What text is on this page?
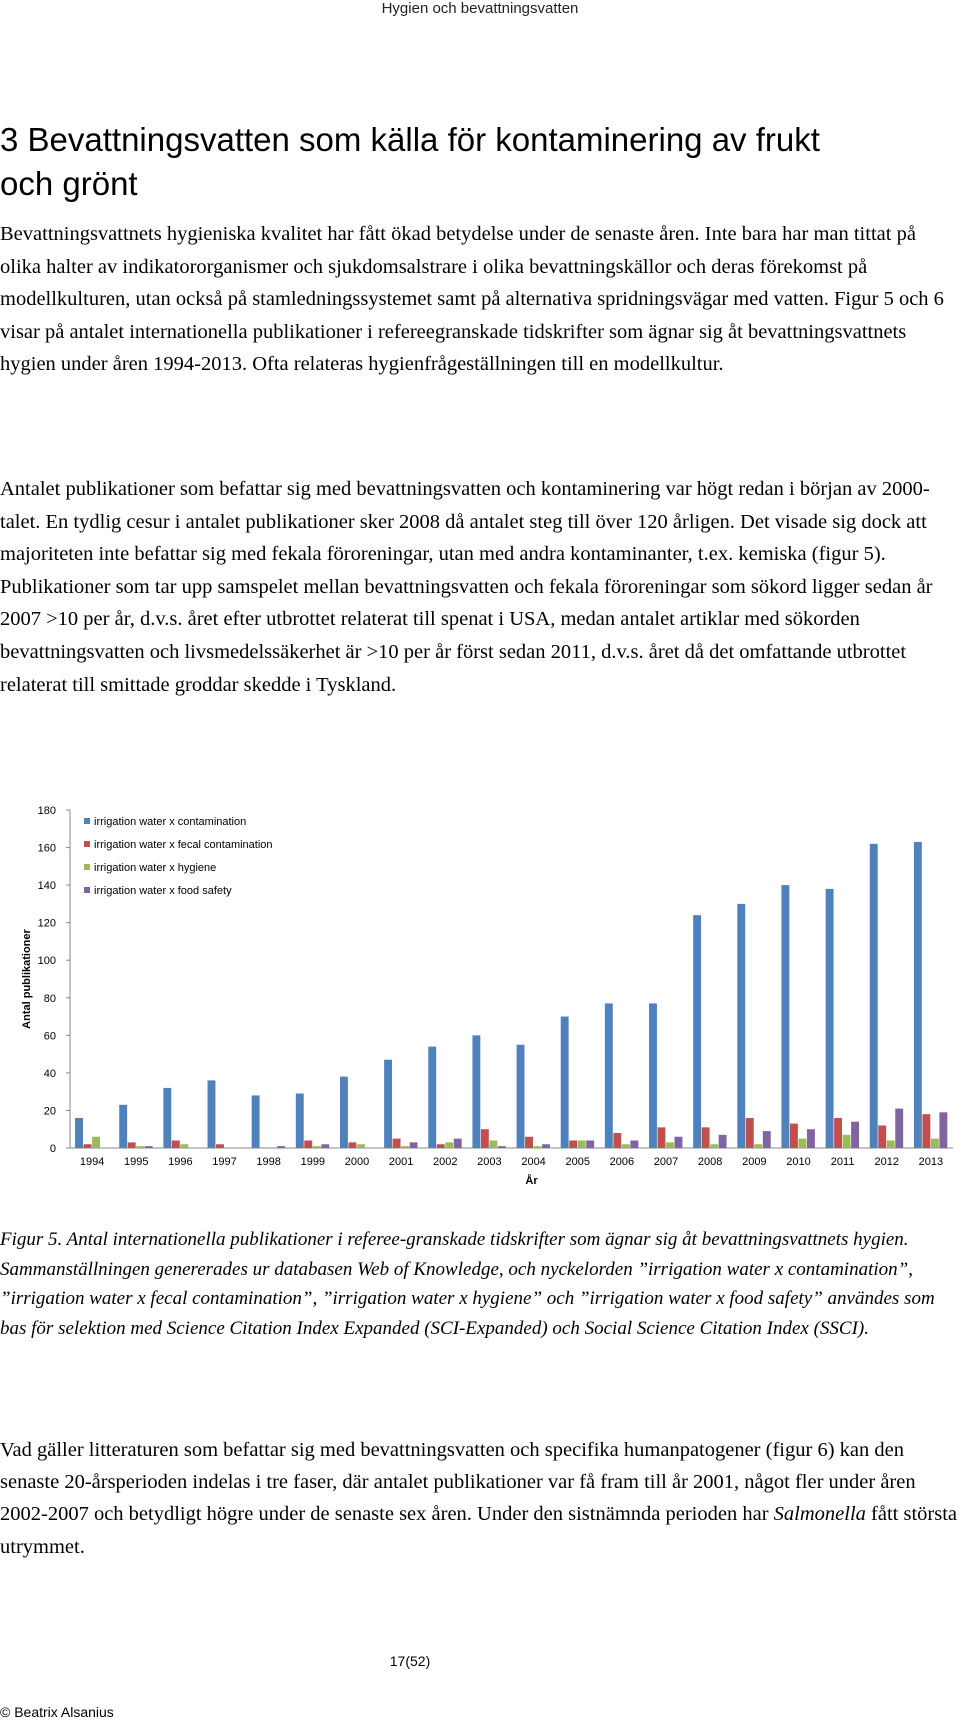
Hygien och bevattningsvatten
3 Bevattningsvatten som källa för kontaminering av frukt och grönt

Bevattningsvattnets hygieniska kvalitet har fått ökad betydelse under de senaste åren. Inte bara har man tittat på olika halter av indikatororganismer och sjukdomsalstrare i olika bevattningskällor och deras förekomst på modellkulturen, utan också på stamledningssystemet samt på alternativa spridningsvägar med vatten. Figur 5 och 6 visar på antalet internationella publikationer i refereegranskade tidskrifter som ägnar sig åt bevattningsvattnets hygien under åren 1994-2013. Ofta relateras hygienfrågeställningen till en modellkultur.

Antalet publikationer som befattar sig med bevattningsvatten och kontaminering var högt redan i början av 2000-talet. En tydlig cesur i antalet publikationer sker 2008 då antalet steg till över 120 årligen. Det visade sig dock att majoriteten inte befattar sig med fekala föroreningar, utan med andra kontaminanter, t.ex. kemiska (figur 5). Publikationer som tar upp samspelet mellan bevattningsvatten och fekala föroreningar som sökord ligger sedan år 2007 >10 per år, d.v.s. året efter utbrottet relaterat till spenat i USA, medan antalet artiklar med sökorden bevattningsvatten och livsmedelssäkerhet är >10 per år först sedan 2011, d.v.s. året då det omfattande utbrottet relaterat till smittade groddar skedde i Tyskland.

0
20
40
60
80
100
120
140
160
180
Antal publikationer
1994 1995 1996 1997 1998 1999 2000 2001 2002 2003 2004 2005 2006 2007 2008 2009 2010 2011 2012 2013
År
irrigation water x contamination
irrigation water x fecal contamination
irrigation water x hygiene
irrigation water x food safety

Figur 5. Antal internationella publikationer i referee-granskade tidskrifter som ägnar sig åt bevattningsvattnets hygien. Sammanställningen genererades ur databasen Web of Knowledge, och nyckelorden ”irrigation water x contamination”, ”irrigation water x fecal contamination”, ”irrigation water x hygiene” och ”irrigation water x food safety” användes som bas för selektion med Science Citation Index Expanded (SCI-Expanded) och Social Science Citation Index (SSCI).

Vad gäller litteraturen som befattar sig med bevattningsvatten och specifika humanpatogener (figur 6) kan den senaste 20-årsperioden indelas i tre faser, där antalet publikationer var få fram till år 2001, något fler under åren 2002-2007 och betydligt högre under de senaste sex åren. Under den sistnämnda perioden har Salmonella fått största utrymmet.

17(52)
© Beatrix Alsanius
